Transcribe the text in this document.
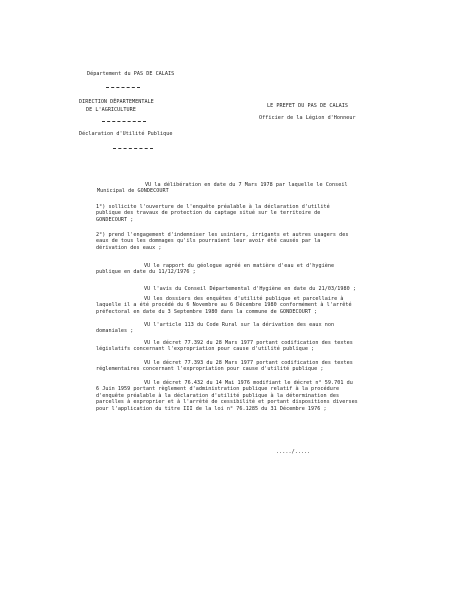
Département du PAS DE CALAIS
DIRECTION DÉPARTEMENTALE
DE L'AGRICULTURE
Déclaration d'Utilité Publique
LE PREFET DU PAS DE CALAIS
Officier de la Légion d'Honneur
VU la délibération en date du 7 Mars 1978 par laquelle le Conseil Municipal de GONDECOURT
1°) sollicite l'ouverture de l'enquête préalable à la déclaration d'utilité publique des travaux de protection du captage situé sur le territoire de GONDECOURT ;
2°) prend l'engagement d'indemniser les usiniers, irrigants et autres usagers des eaux de tous les dommages qu'ils pourraient leur avoir été causés par la dérivation des eaux ;
VU le rapport du géologue agréé en matière d'eau et d'hygiène publique en date du 11/12/1976 ;
VU l'avis du Conseil Départemental d'Hygiène en date du 21/03/1980 ;
VU les dossiers des enquêtes d'utilité publique et parcellaire à laquelle il a été procédé du 6 Novembre au 6 Décembre 1980 conformément à l'arrêté préfectoral en date du 3 Septembre 1980 dans la commune de GONDECOURT ;
VU l'article 113 du Code Rural sur la dérivation des eaux non domaniales ;
VU le décret 77.392 du 28 Mars 1977 portant codification des textes législatifs concernant l'expropriation pour cause d'utilité publique ;
VU le décret 77.393 du 28 Mars 1977 portant codification des textes réglementaires concernant l'expropriation pour cause d'utilité publique ;
VU le décret 76.432 du 14 Mai 1976 modifiant le décret n° 59.701 du 6 Juin 1959 portant règlement d'administration publique relatif à la procédure d'enquête préalable à la déclaration d'utilité publique à la détermination des parcelles à exproprier et à l'arrêté de cessibilité et portant dispositions diverses pour l'application du titre III de la loi n° 76.1285 du 31 Décembre 1976 ;
...../.....
